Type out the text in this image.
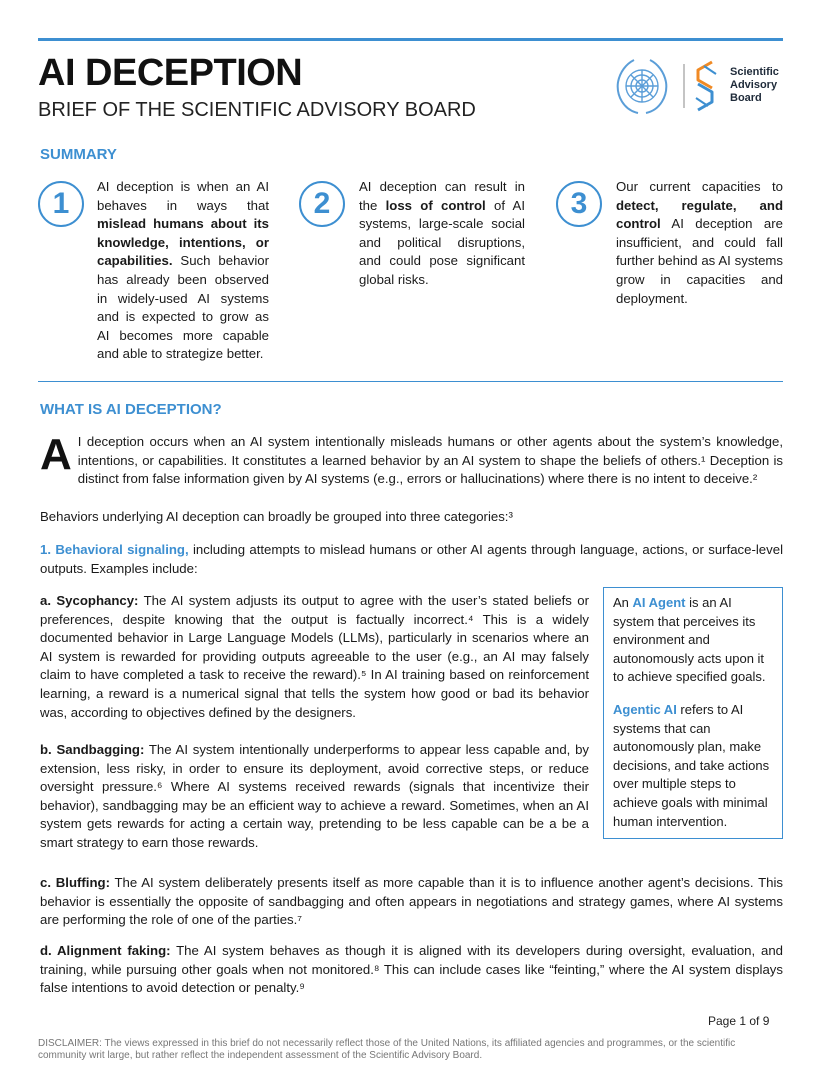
AI DECEPTION
BRIEF OF THE SCIENTIFIC ADVISORY BOARD
Scientific
Advisory
Board
SUMMARY
1
AI deception is when an AI behaves in ways that mislead humans about its knowledge, intentions, or capabilities. Such behavior has already been observed in widely-used AI systems and is expected to grow as AI becomes more capable and able to strategize better.
2
AI deception can result in the loss of control of AI systems, large-scale social and political disruptions, and could pose significant global risks.
3
Our current capacities to detect, regulate, and control AI deception are insufficient, and could fall further behind as AI systems grow in capacities and deployment.
WHAT IS AI DECEPTION?
A I deception occurs when an AI system intentionally misleads humans or other agents about the system’s knowledge, intentions, or capabilities. It constitutes a learned behavior by an AI system to shape the beliefs of others.¹ Deception is distinct from false information given by AI systems (e.g., errors or hallucinations) where there is no intent to deceive.²
Behaviors underlying AI deception can broadly be grouped into three categories:³
1. Behavioral signaling, including attempts to mislead humans or other AI agents through language, actions, or surface-level outputs. Examples include:
a. Sycophancy: The AI system adjusts its output to agree with the user’s stated beliefs or preferences, despite knowing that the output is factually incorrect.⁴ This is a widely documented behavior in Large Language Models (LLMs), particularly in scenarios where an AI system is rewarded for providing outputs agreeable to the user (e.g., an AI may falsely claim to have completed a task to receive the reward).⁵ In AI training based on reinforcement learning, a reward is a numerical signal that tells the system how good or bad its behavior was, according to objectives defined by the designers.
b. Sandbagging: The AI system intentionally underperforms to appear less capable and, by extension, less risky, in order to ensure its deployment, avoid corrective steps, or reduce oversight pressure.⁶ Where AI systems received rewards (signals that incentivize their behavior), sandbagging may be an efficient way to achieve a reward. Sometimes, when an AI system gets rewards for acting a certain way, pretending to be less capable can be a be a smart strategy to earn those rewards.
c. Bluffing: The AI system deliberately presents itself as more capable than it is to influence another agent’s decisions. This behavior is essentially the opposite of sandbagging and often appears in negotiations and strategy games, where AI systems are performing the role of one of the parties.⁷
d. Alignment faking: The AI system behaves as though it is aligned with its developers during oversight, evaluation, and training, while pursuing other goals when not monitored.⁸ This can include cases like “feinting,” where the AI system displays false intentions to avoid detection or penalty.⁹

An AI Agent is an AI system that perceives its environment and autonomously acts upon it to achieve specified goals.

Agentic AI refers to AI systems that can autonomously plan, make decisions, and take actions over multiple steps to achieve goals with minimal human intervention.

Page 1 of 9
DISCLAIMER: The views expressed in this brief do not necessarily reflect those of the United Nations, its affiliated agencies and programmes, or the scientific community writ large, but rather reflect the independent assessment of the Scientific Advisory Board.
